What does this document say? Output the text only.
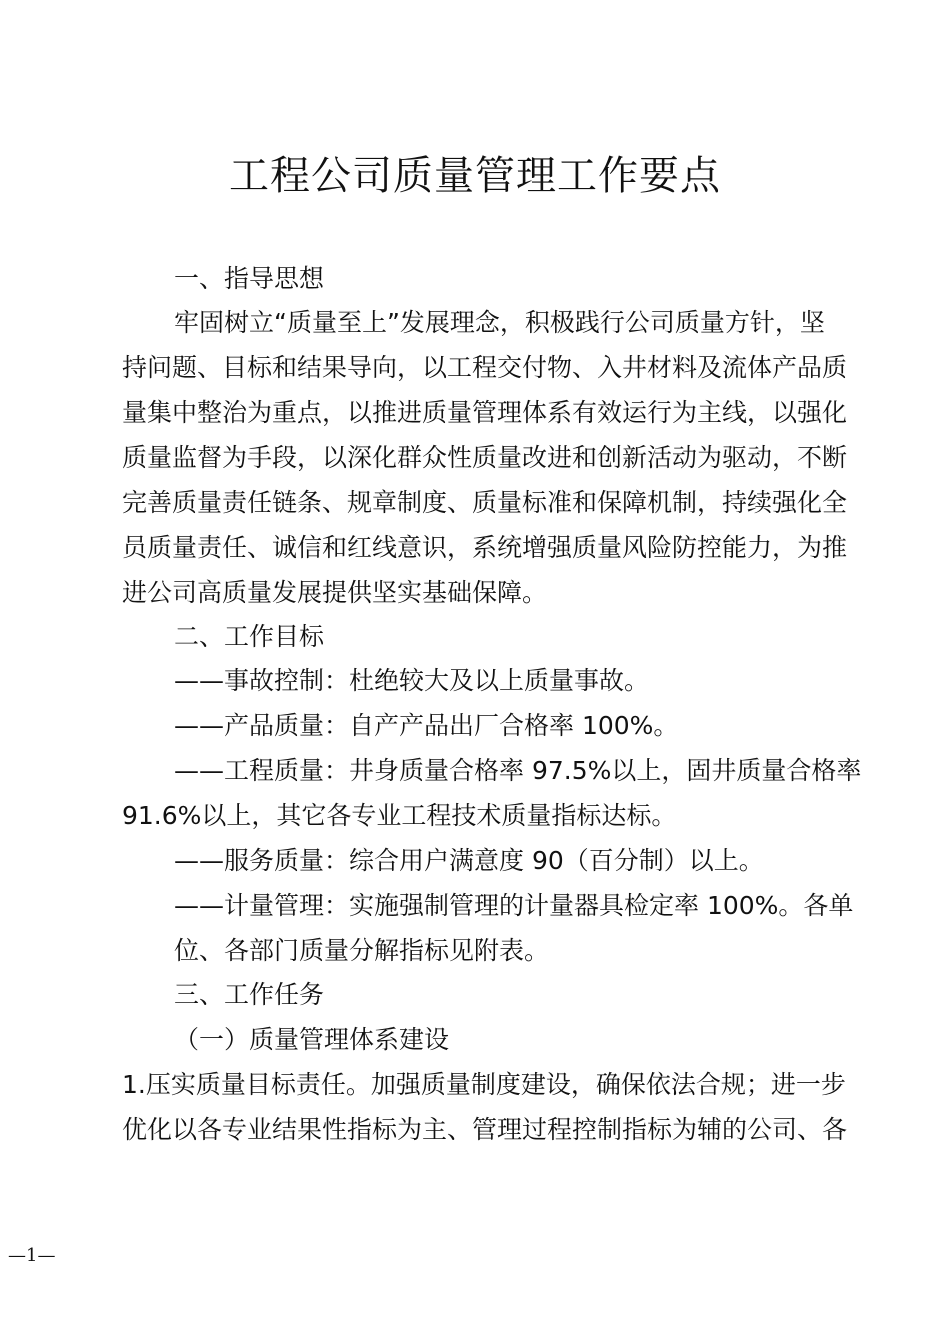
工程公司质量管理工作要点
一、指导思想
牢固树立“质量至上”发展理念，积极践行公司质量方针，坚
持问题、目标和结果导向，以工程交付物、入井材料及流体产品质
量集中整治为重点，以推进质量管理体系有效运行为主线，以强化
质量监督为手段，以深化群众性质量改进和创新活动为驱动，不断
完善质量责任链条、规章制度、质量标准和保障机制，持续强化全
员质量责任、诚信和红线意识，系统增强质量风险防控能力，为推
进公司高质量发展提供坚实基础保障。
二、工作目标
——事故控制：杜绝较大及以上质量事故。
——产品质量：自产产品出厂合格率 100%。
——工程质量：井身质量合格率 97.5%以上，固井质量合格率
91.6%以上，其它各专业工程技术质量指标达标。
——服务质量：综合用户满意度 90（百分制）以上。
——计量管理：实施强制管理的计量器具检定率 100%。各单
位、各部门质量分解指标见附表。
三、工作任务
（一）质量管理体系建设
1.压实质量目标责任。加强质量制度建设，确保依法合规；进一步
优化以各专业结果性指标为主、管理过程控制指标为辅的公司、各
—1—
